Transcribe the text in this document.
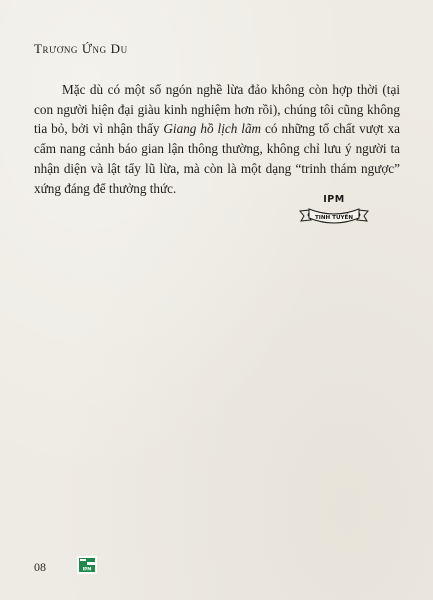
Trương Ứng Du

Mặc dù có một số ngón nghề lừa đảo không còn hợp thời (tại con người hiện đại giàu kinh nghiệm hơn rồi), chúng tôi cũng không tia bỏ, bởi vì nhận thấy Giang hồ lịch lãm có những tố chất vượt xa cẩm nang cảnh báo gian lận thông thường, không chỉ lưu ý người ta nhận diện và lật tẩy lũ lừa, mà còn là một dạng “trinh thám ngược” xứng đáng để thưởng thức.

IPM
TINH TUYỂN
08	IPM
